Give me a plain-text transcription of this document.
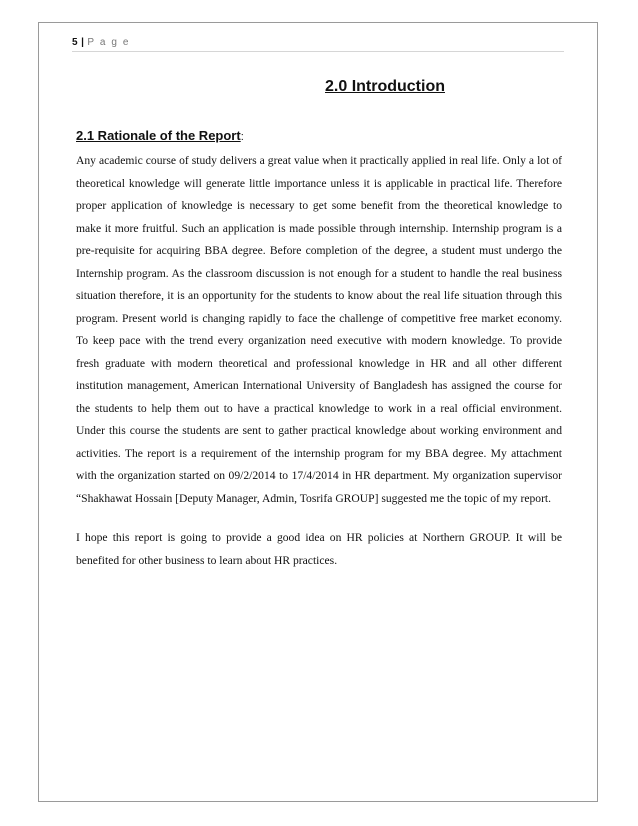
5 | P a g e
2.0 Introduction
2.1 Rationale of the Report:

Any academic course of study delivers a great value when it practically applied in real life. Only a lot of theoretical knowledge will generate little importance unless it is applicable in practical life. Therefore proper application of knowledge is necessary to get some benefit from the theoretical knowledge to make it more fruitful. Such an application is made possible through internship. Internship program is a pre-requisite for acquiring BBA degree. Before completion of the degree, a student must undergo the Internship program. As the classroom discussion is not enough for a student to handle the real business situation therefore, it is an opportunity for the students to know about the real life situation through this program. Present world is changing rapidly to face the challenge of competitive free market economy. To keep pace with the trend every organization need executive with modern knowledge. To provide fresh graduate with modern theoretical and professional knowledge in HR and all other different institution management, American International University of Bangladesh has assigned the course for the students to help them out to have a practical knowledge to work in a real official environment. Under this course the students are sent to gather practical knowledge about working environment and activities. The report is a requirement of the internship program for my BBA degree. My attachment with the organization started on 09/2/2014 to 17/4/2014 in HR department. My organization supervisor “Shakhawat Hossain [Deputy Manager, Admin, Tosrifa GROUP] suggested me the topic of my report.

I hope this report is going to provide a good idea on HR policies at Northern GROUP. It will be benefited for other business to learn about HR practices.
